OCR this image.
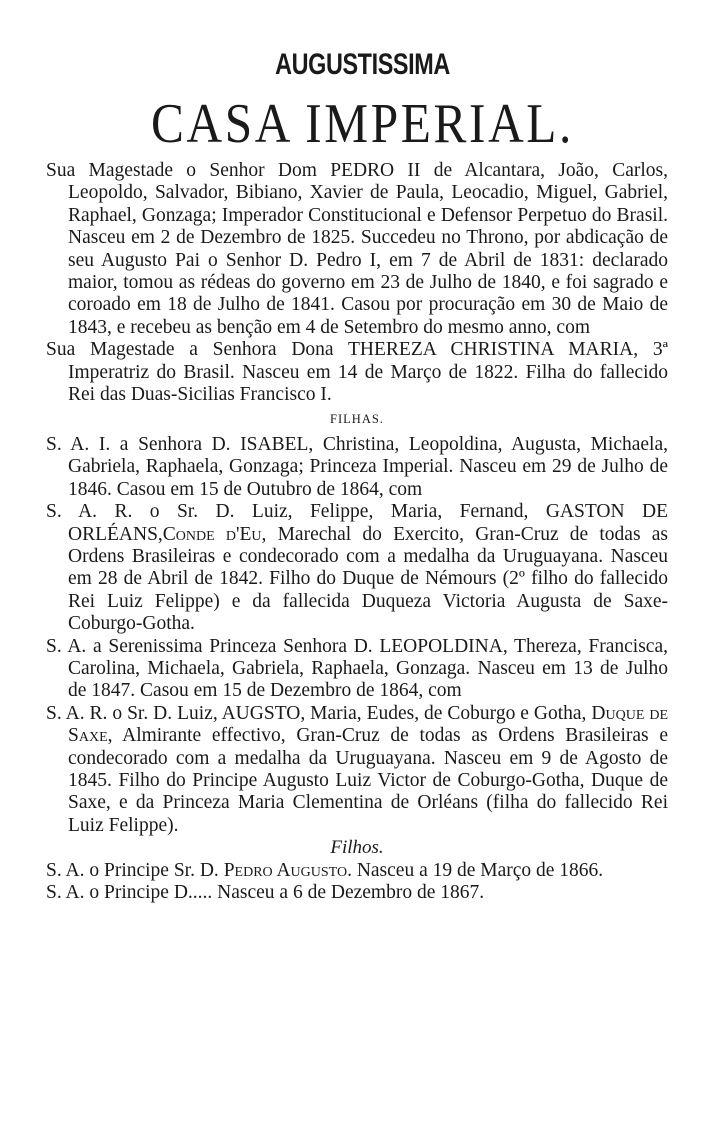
AUGUSTISSIMA
CASA IMPERIAL.

Sua Magestade o Senhor Dom PEDRO II de Alcantara, João, Carlos, Leopoldo, Salvador, Bibiano, Xavier de Paula, Leocadio, Miguel, Gabriel, Raphael, Gonzaga; Imperador Constitucional e Defensor Perpetuo do Brasil. Nasceu em 2 de Dezembro de 1825. Succedeu no Throno, por abdicação de seu Augusto Pai o Senhor D. Pedro I, em 7 de Abril de 1831: declarado maior, tomou as rédeas do governo em 23 de Julho de 1840, e foi sagrado e coroado em 18 de Julho de 1841. Casou por procuração em 30 de Maio de 1843, e recebeu as benção em 4 de Setembro do mesmo anno, com

Sua Magestade a Senhora Dona THEREZA CHRISTINA MARIA, 3ª Imperatriz do Brasil. Nasceu em 14 de Março de 1822. Filha do fallecido Rei das Duas-Sicilias Francisco I.

FILHAS.

S. A. I. a Senhora D. ISABEL, Christina, Leopoldina, Augusta, Michaela, Gabriela, Raphaela, Gonzaga; Princeza Imperial. Nasceu em 29 de Julho de 1846. Casou em 15 de Outubro de 1864, com

S. A. R. o Sr. D. Luiz, Felippe, Maria, Fernand, GASTON DE ORLÉANS,Conde d'Eu, Marechal do Exercito, Gran-Cruz de todas as Ordens Brasileiras e condecorado com a medalha da Uruguayana. Nasceu em 28 de Abril de 1842. Filho do Duque de Némours (2º filho do fallecido Rei Luiz Felippe) e da fallecida Duqueza Victoria Augusta de Saxe-Coburgo-Gotha.

S. A. a Serenissima Princeza Senhora D. LEOPOLDINA, Thereza, Francisca, Carolina, Michaela, Gabriela, Raphaela, Gonzaga. Nasceu em 13 de Julho de 1847. Casou em 15 de Dezembro de 1864, com

S. A. R. o Sr. D. Luiz, AUGSTO, Maria, Eudes, de Coburgo e Gotha, Duque de Saxe, Almirante effectivo, Gran-Cruz de todas as Ordens Brasileiras e condecorado com a medalha da Uruguayana. Nasceu em 9 de Agosto de 1845. Filho do Principe Augusto Luiz Victor de Coburgo-Gotha, Duque de Saxe, e da Princeza Maria Clementina de Orléans (filha do fallecido Rei Luiz Felippe).

Filhos.

S. A. o Principe Sr. D. Pedro Augusto. Nasceu a 19 de Março de 1866.

S. A. o Principe D..... Nasceu a 6 de Dezembro de 1867.
